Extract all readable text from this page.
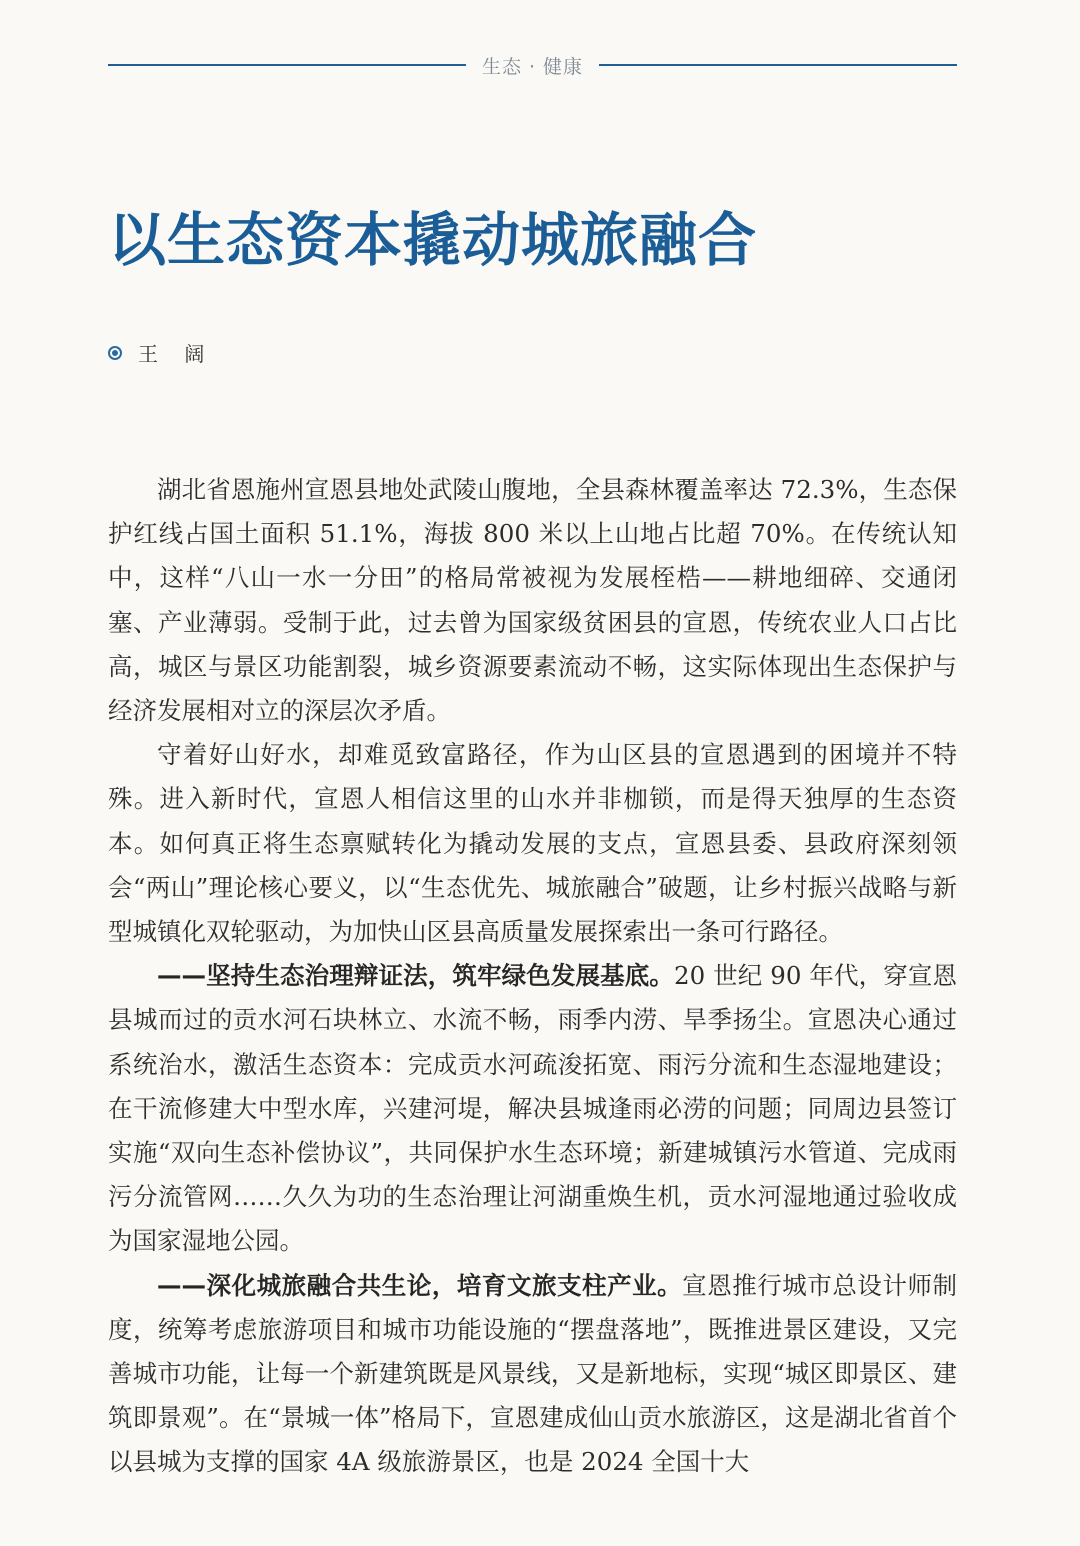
生态 · 健康
以生态资本撬动城旅融合
王 阔

湖北省恩施州宣恩县地处武陵山腹地，全县森林覆盖率达 72.3%，生态保护红线占国土面积 51.1%，海拔 800 米以上山地占比超 70%。在传统认知中，这样“八山一水一分田”的格局常被视为发展桎梏——耕地细碎、交通闭塞、产业薄弱。受制于此，过去曾为国家级贫困县的宣恩，传统农业人口占比高，城区与景区功能割裂，城乡资源要素流动不畅，这实际体现出生态保护与经济发展相对立的深层次矛盾。

守着好山好水，却难觅致富路径，作为山区县的宣恩遇到的困境并不特殊。进入新时代，宣恩人相信这里的山水并非枷锁，而是得天独厚的生态资本。如何真正将生态禀赋转化为撬动发展的支点，宣恩县委、县政府深刻领会“两山”理论核心要义，以“生态优先、城旅融合”破题，让乡村振兴战略与新型城镇化双轮驱动，为加快山区县高质量发展探索出一条可行路径。

——坚持生态治理辩证法，筑牢绿色发展基底。20 世纪 90 年代，穿宣恩县城而过的贡水河石块林立、水流不畅，雨季内涝、旱季扬尘。宣恩决心通过系统治水，激活生态资本：完成贡水河疏浚拓宽、雨污分流和生态湿地建设；在干流修建大中型水库，兴建河堤，解决县城逢雨必涝的问题；同周边县签订实施“双向生态补偿协议”，共同保护水生态环境；新建城镇污水管道、完成雨污分流管网……久久为功的生态治理让河湖重焕生机，贡水河湿地通过验收成为国家湿地公园。

——深化城旅融合共生论，培育文旅支柱产业。宣恩推行城市总设计师制度，统筹考虑旅游项目和城市功能设施的“摆盘落地”，既推进景区建设，又完善城市功能，让每一个新建筑既是风景线，又是新地标，实现“城区即景区、建筑即景观”。在“景城一体”格局下，宣恩建成仙山贡水旅游区，这是湖北省首个以县城为支撑的国家 4A 级旅游景区，也是 2024 全国十大
